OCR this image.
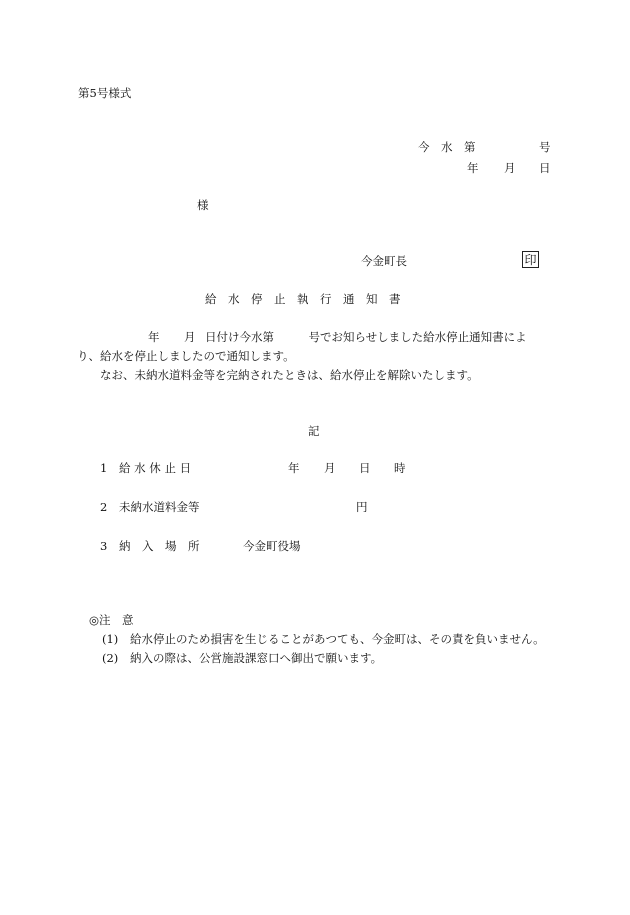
第5号様式
今　水　第	号
年 月 日
様
今金町長	印
給　水　停　止　執　行　通　知　書
年 月 日付け今水第　　　号でお知らせしました給水停止通知書によ
り、給水を停止しましたので通知します。
なお、未納水道料金等を完納されたときは、給水停止を解除いたします。
記
1 給 水 休 止 日	年 月 日 時
2 未納水道料金等	円
3 納　入　場　所	今金町役場
◎注　意
(1) 給水停止のため損害を生じることがあつても、今金町は、その責を負いません。
(2) 納入の際は、公営施設課窓口へ御出で願います。
